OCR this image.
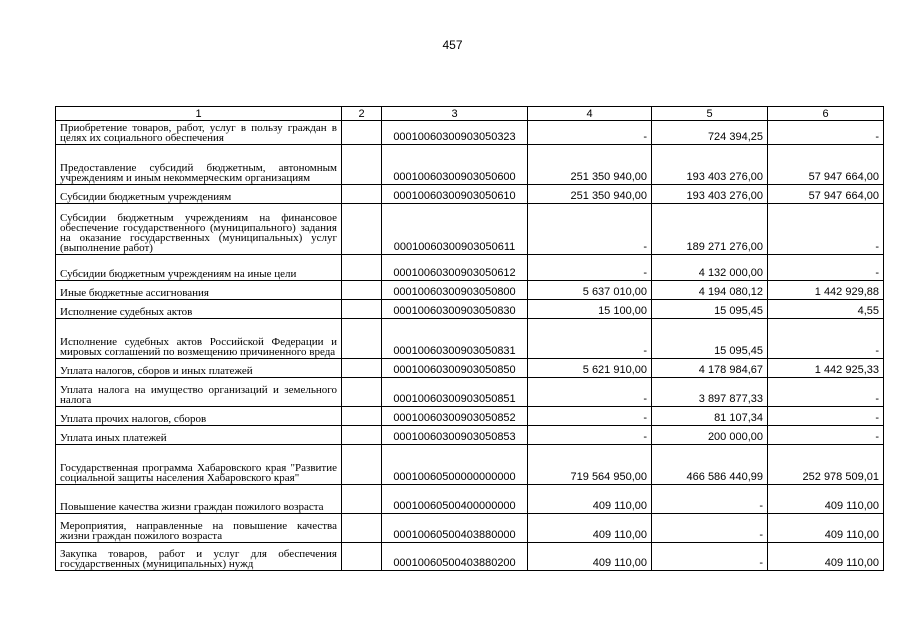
457
1	2	3	4	5	6
Приобретение товаров, работ, услуг в пользу граждан в целях их социального обеспечения		00010060300903050323	-	724 394,25	-
Предоставление субсидий бюджетным, автономным учреждениям и иным некоммерческим организациям		00010060300903050600	251 350 940,00	193 403 276,00	57 947 664,00
Субсидии бюджетным учреждениям		00010060300903050610	251 350 940,00	193 403 276,00	57 947 664,00
Субсидии бюджетным учреждениям на финансовое обеспечение государственного (муниципального) задания на оказание государственных (муниципальных) услуг (выполнение работ)		00010060300903050611	-	189 271 276,00	-
Субсидии бюджетным учреждениям на иные цели		00010060300903050612	-	4 132 000,00	-
Иные бюджетные ассигнования		00010060300903050800	5 637 010,00	4 194 080,12	1 442 929,88
Исполнение судебных актов		00010060300903050830	15 100,00	15 095,45	4,55
Исполнение судебных актов Российской Федерации и мировых соглашений по возмещению причиненного вреда		00010060300903050831	-	15 095,45	-
Уплата налогов, сборов и иных платежей		00010060300903050850	5 621 910,00	4 178 984,67	1 442 925,33
Уплата налога на имущество организаций и земельного налога		00010060300903050851	-	3 897 877,33	-
Уплата прочих налогов, сборов		00010060300903050852	-	81 107,34	-
Уплата иных платежей		00010060300903050853	-	200 000,00	-
Государственная программа Хабаровского края "Развитие социальной защиты населения Хабаровского края"		00010060500000000000	719 564 950,00	466 586 440,99	252 978 509,01
Повышение качества жизни граждан пожилого возраста		00010060500400000000	409 110,00	-	409 110,00
Мероприятия, направленные на повышение качества жизни граждан пожилого возраста		00010060500403880000	409 110,00	-	409 110,00
Закупка товаров, работ и услуг для обеспечения государственных (муниципальных) нужд		00010060500403880200	409 110,00	-	409 110,00
